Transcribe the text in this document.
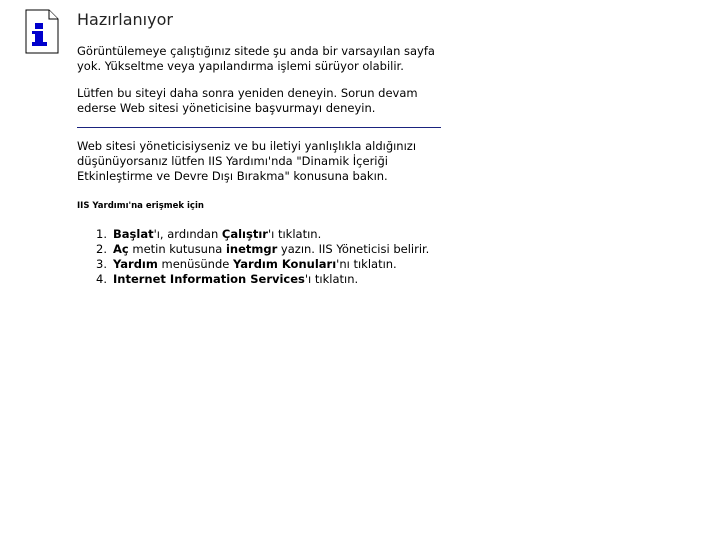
Hazırlanıyor

Görüntülemeye çalıştığınız sitede şu anda bir varsayılan sayfa yok. Yükseltme veya yapılandırma işlemi sürüyor olabilir.

Lütfen bu siteyi daha sonra yeniden deneyin. Sorun devam ederse Web sitesi yöneticisine başvurmayı deneyin.

Web sitesi yöneticisiyseniz ve bu iletiyi yanlışlıkla aldığınızı düşünüyorsanız lütfen IIS Yardımı'nda "Dinamik İçeriği Etkinleştirme ve Devre Dışı Bırakma" konusuna bakın.

IIS Yardımı'na erişmek için
1. Başlat'ı, ardından Çalıştır'ı tıklatın.
2. Aç metin kutusuna inetmgr yazın. IIS Yöneticisi belirir.
3. Yardım menüsünde Yardım Konuları'nı tıklatın.
4. Internet Information Services'ı tıklatın.
